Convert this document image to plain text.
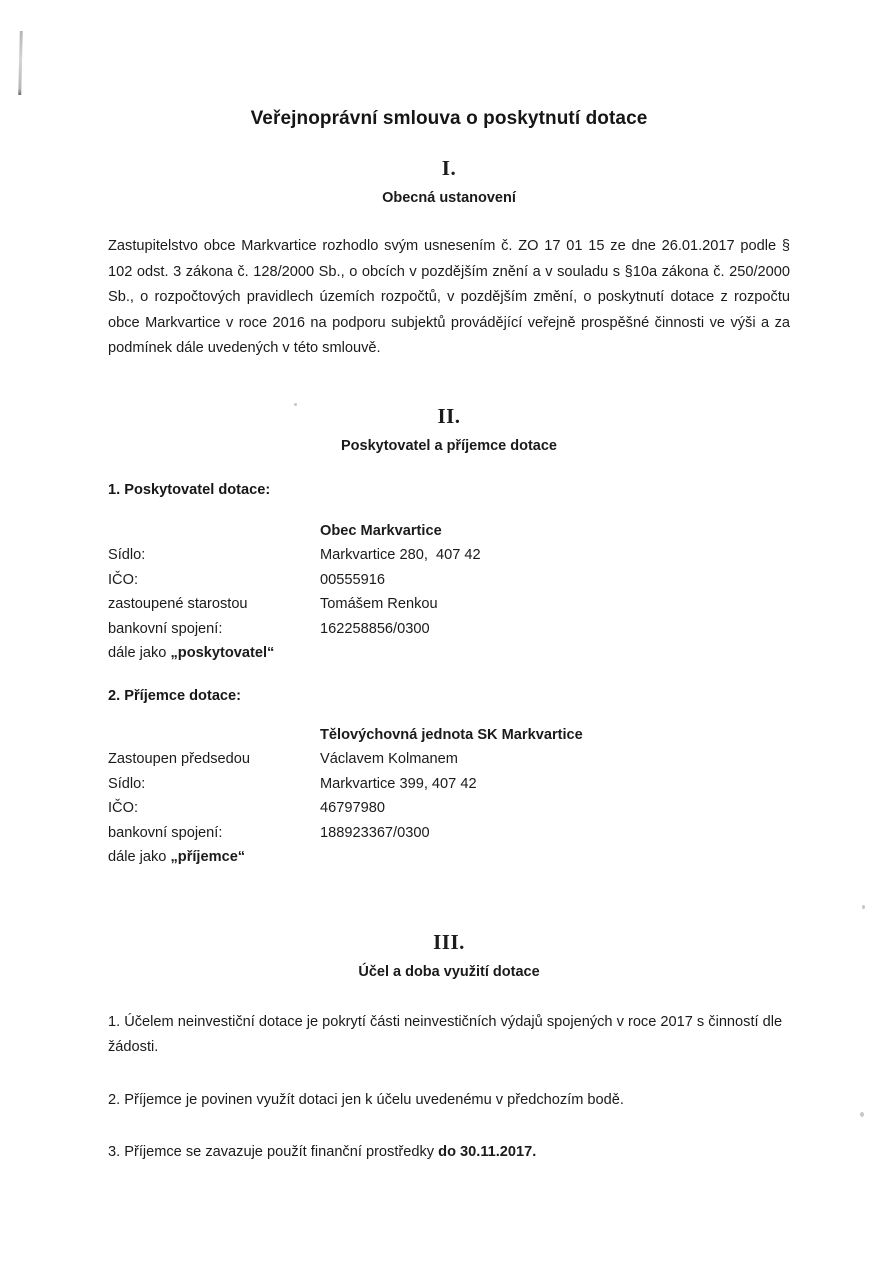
Veřejnoprávní smlouva o poskytnutí dotace
I.
Obecná ustanovení

Zastupitelstvo obce Markvartice rozhodlo svým usnesením č. ZO 17 01 15 ze dne 26.01.2017 podle § 102 odst. 3 zákona č. 128/2000 Sb., o obcích v pozdějším znění a v souladu s §10a zákona č. 250/2000 Sb., o rozpočtových pravidlech územích rozpočtů, v pozdějším změní, o poskytnutí dotace z rozpočtu obce Markvartice v roce 2016 na podporu subjektů provádějící veřejně prospěšné činnosti ve výši a za podmínek dále uvedených v této smlouvě.

II.
Poskytovatel a příjemce dotace
1. Poskytovatel dotace:
	Obec Markvartice
Sídlo:	Markvartice 280,  407 42
IČO:	00555916
zastoupené starostou	Tomášem Renkou
bankovní spojení:	162258856/0300
dále jako „poskytovatel“	
2. Příjemce dotace:
	Tělovýchovná jednota SK Markvartice
Zastoupen předsedou	Václavem Kolmanem
Sídlo:	Markvartice 399, 407 42
IČO:	46797980
bankovní spojení:	188923367/0300
dále jako „příjemce“	
III.
Účel a doba využití dotace

1. Účelem neinvestiční dotace je pokrytí části neinvestičních výdajů spojených v roce 2017 s činností dle žádosti.

2. Příjemce je povinen využít dotaci jen k účelu uvedenému v předchozím bodě.

3. Příjemce se zavazuje použít finanční prostředky do 30.11.2017.
